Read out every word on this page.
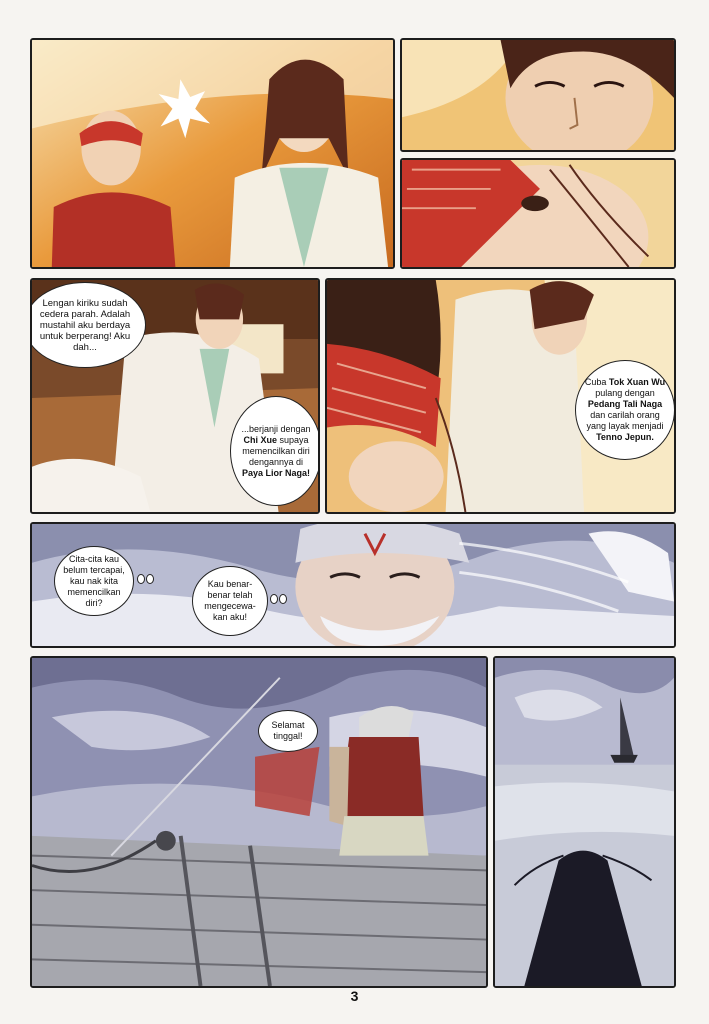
Lengan kiriku sudah cedera parah. Adalah mustahil aku berdaya untuk berperang! Aku dah...
...berjanji dengan Chi Xue supaya memencilkan diri dengannya di Paya Lior Naga!
Cuba Tok Xuan Wu pulang dengan Pedang Tali Naga dan carilah orang yang layak menjadi Tenno Jepun.
Cita-cita kau belum tercapai, kau nak kita memencilkan diri?
Kau benar-benar telah mengecewa-kan aku!
Selamat tinggal!
3
